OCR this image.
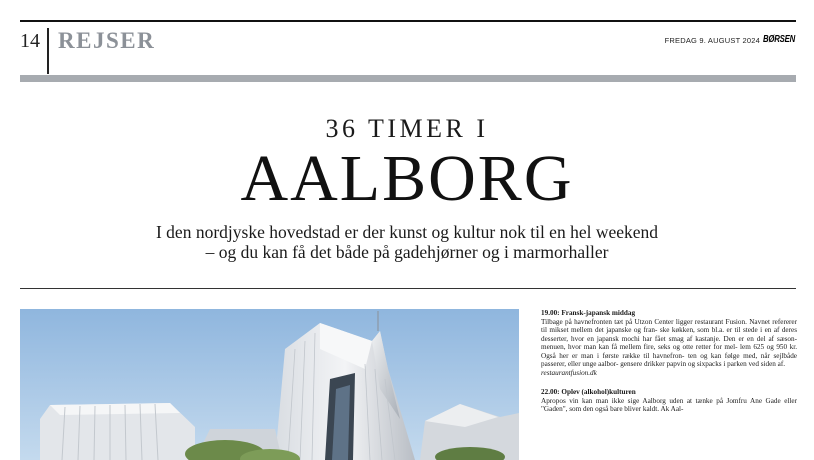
14 REJSER	FREDAG 9. AUGUST 2024 BØRSEN
36 TIMER I
AALBORG
I den nordjyske hovedstad er der kunst og kultur nok til en hel weekend
– og du kan få det både på gadehjørner og i marmorhaller
19.00: Fransk-japansk middag

Tilbage på havnefronten tæt på Utzon Center ligger restaurant Fusion. Navnet refererer til mikset mellem det japanske og fran- ske køkken, som bl.a. er til stede i en af deres desserter, hvor en japansk mochi har fået smag af kastanje. Den er en del af sæson- menuen, hvor man kan få mellem fire, seks og otte retter for mel- lem 625 og 950 kr. Også her er man i første række til havnefron- ten og kan følge med, når sejlbåde passerer, eller unge aalbor- gensere drikker papvin og sixpacks i parken ved siden af.
restaurantfusion.dk

22.00: Oplev (alkohol)kulturen

Apropos vin kan man ikke sige Aalborg uden at tænke på Jomfru Ane Gade eller "Gaden", som den også bare bliver kaldt. Ak Aal-
